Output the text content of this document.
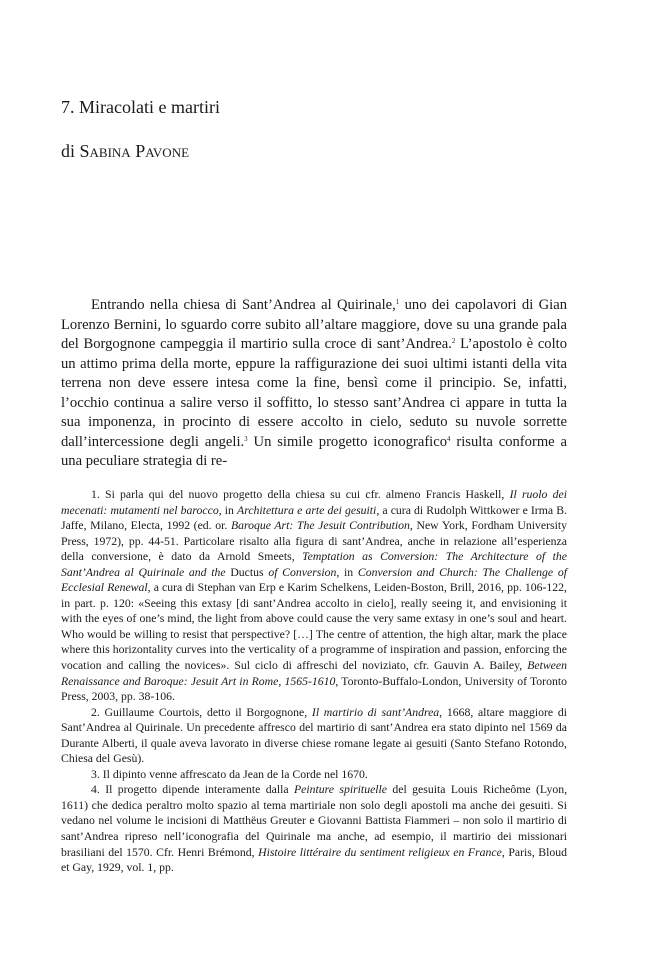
7. Miracolati e martiri
di Sabina Pavone

Entrando nella chiesa di Sant’Andrea al Quirinale,$^1$ uno dei capolavori di Gian Lorenzo Bernini, lo sguardo corre subito all’altare maggiore, dove su una grande pala del Borgognone campeggia il martirio sulla croce di sant’Andrea.$^2$ L’apostolo è colto un attimo prima della morte, eppure la raffigurazione dei suoi ultimi istanti della vita terrena non deve essere intesa come la fine, bensì come il principio. Se, infatti, l’occhio continua a salire verso il soffitto, lo stesso sant’Andrea ci appare in tutta la sua imponenza, in procinto di essere accolto in cielo, seduto su nuvole sorrette dall’intercessione degli angeli.$^3$ Un simile progetto iconografico$^4$ risulta conforme a una peculiare strategia di re-

1. Si parla qui del nuovo progetto della chiesa su cui cfr. almeno Francis Haskell, Il ruolo dei mecenati: mutamenti nel barocco, in Architettura e arte dei gesuiti, a cura di Rudolph Wittkower e Irma B. Jaffe, Milano, Electa, 1992 (ed. or. Baroque Art: The Jesuit Contribution, New York, Fordham University Press, 1972), pp. 44-51. Particolare risalto alla figura di sant’Andrea, anche in relazione all’esperienza della conversione, è dato da Arnold Smeets, Temptation as Conversion: The Architecture of the Sant’Andrea al Quirinale and the Ductus of Conversion, in Conversion and Church: The Challenge of Ecclesial Renewal, a cura di Stephan van Erp e Karim Schelkens, Leiden-Boston, Brill, 2016, pp. 106-122, in part. p. 120: «Seeing this extasy [di sant’Andrea accolto in cielo], really seeing it, and envisioning it with the eyes of one’s mind, the light from above could cause the very same extasy in one’s soul and heart. Who would be willing to resist that perspective? […] The centre of attention, the high altar, mark the place where this horizontality curves into the verticality of a programme of inspiration and passion, enforcing the vocation and calling the novices». Sul ciclo di affreschi del noviziato, cfr. Gauvin A. Bailey, Between Renaissance and Baroque: Jesuit Art in Rome, 1565-1610, Toronto-Buffalo-London, University of Toronto Press, 2003, pp. 38-106.

2. Guillaume Courtois, detto il Borgognone, Il martirio di sant’Andrea, 1668, altare maggiore di Sant’Andrea al Quirinale. Un precedente affresco del martirio di sant’Andrea era stato dipinto nel 1569 da Durante Alberti, il quale aveva lavorato in diverse chiese romane legate ai gesuiti (Santo Stefano Rotondo, Chiesa del Gesù).

3. Il dipinto venne affrescato da Jean de la Corde nel 1670.

4. Il progetto dipende interamente dalla Peinture spirituelle del gesuita Louis Richeôme (Lyon, 1611) che dedica peraltro molto spazio al tema martiriale non solo degli apostoli ma anche dei gesuiti. Si vedano nel volume le incisioni di Matthëus Greuter e Giovanni Battista Fiammeri – non solo il martirio di sant’Andrea ripreso nell’iconografia del Quirinale ma anche, ad esempio, il martirio dei missionari brasiliani del 1570. Cfr. Henri Brémond, Histoire littéraire du sentiment religieux en France, Paris, Bloud et Gay, 1929, vol. 1, pp.
